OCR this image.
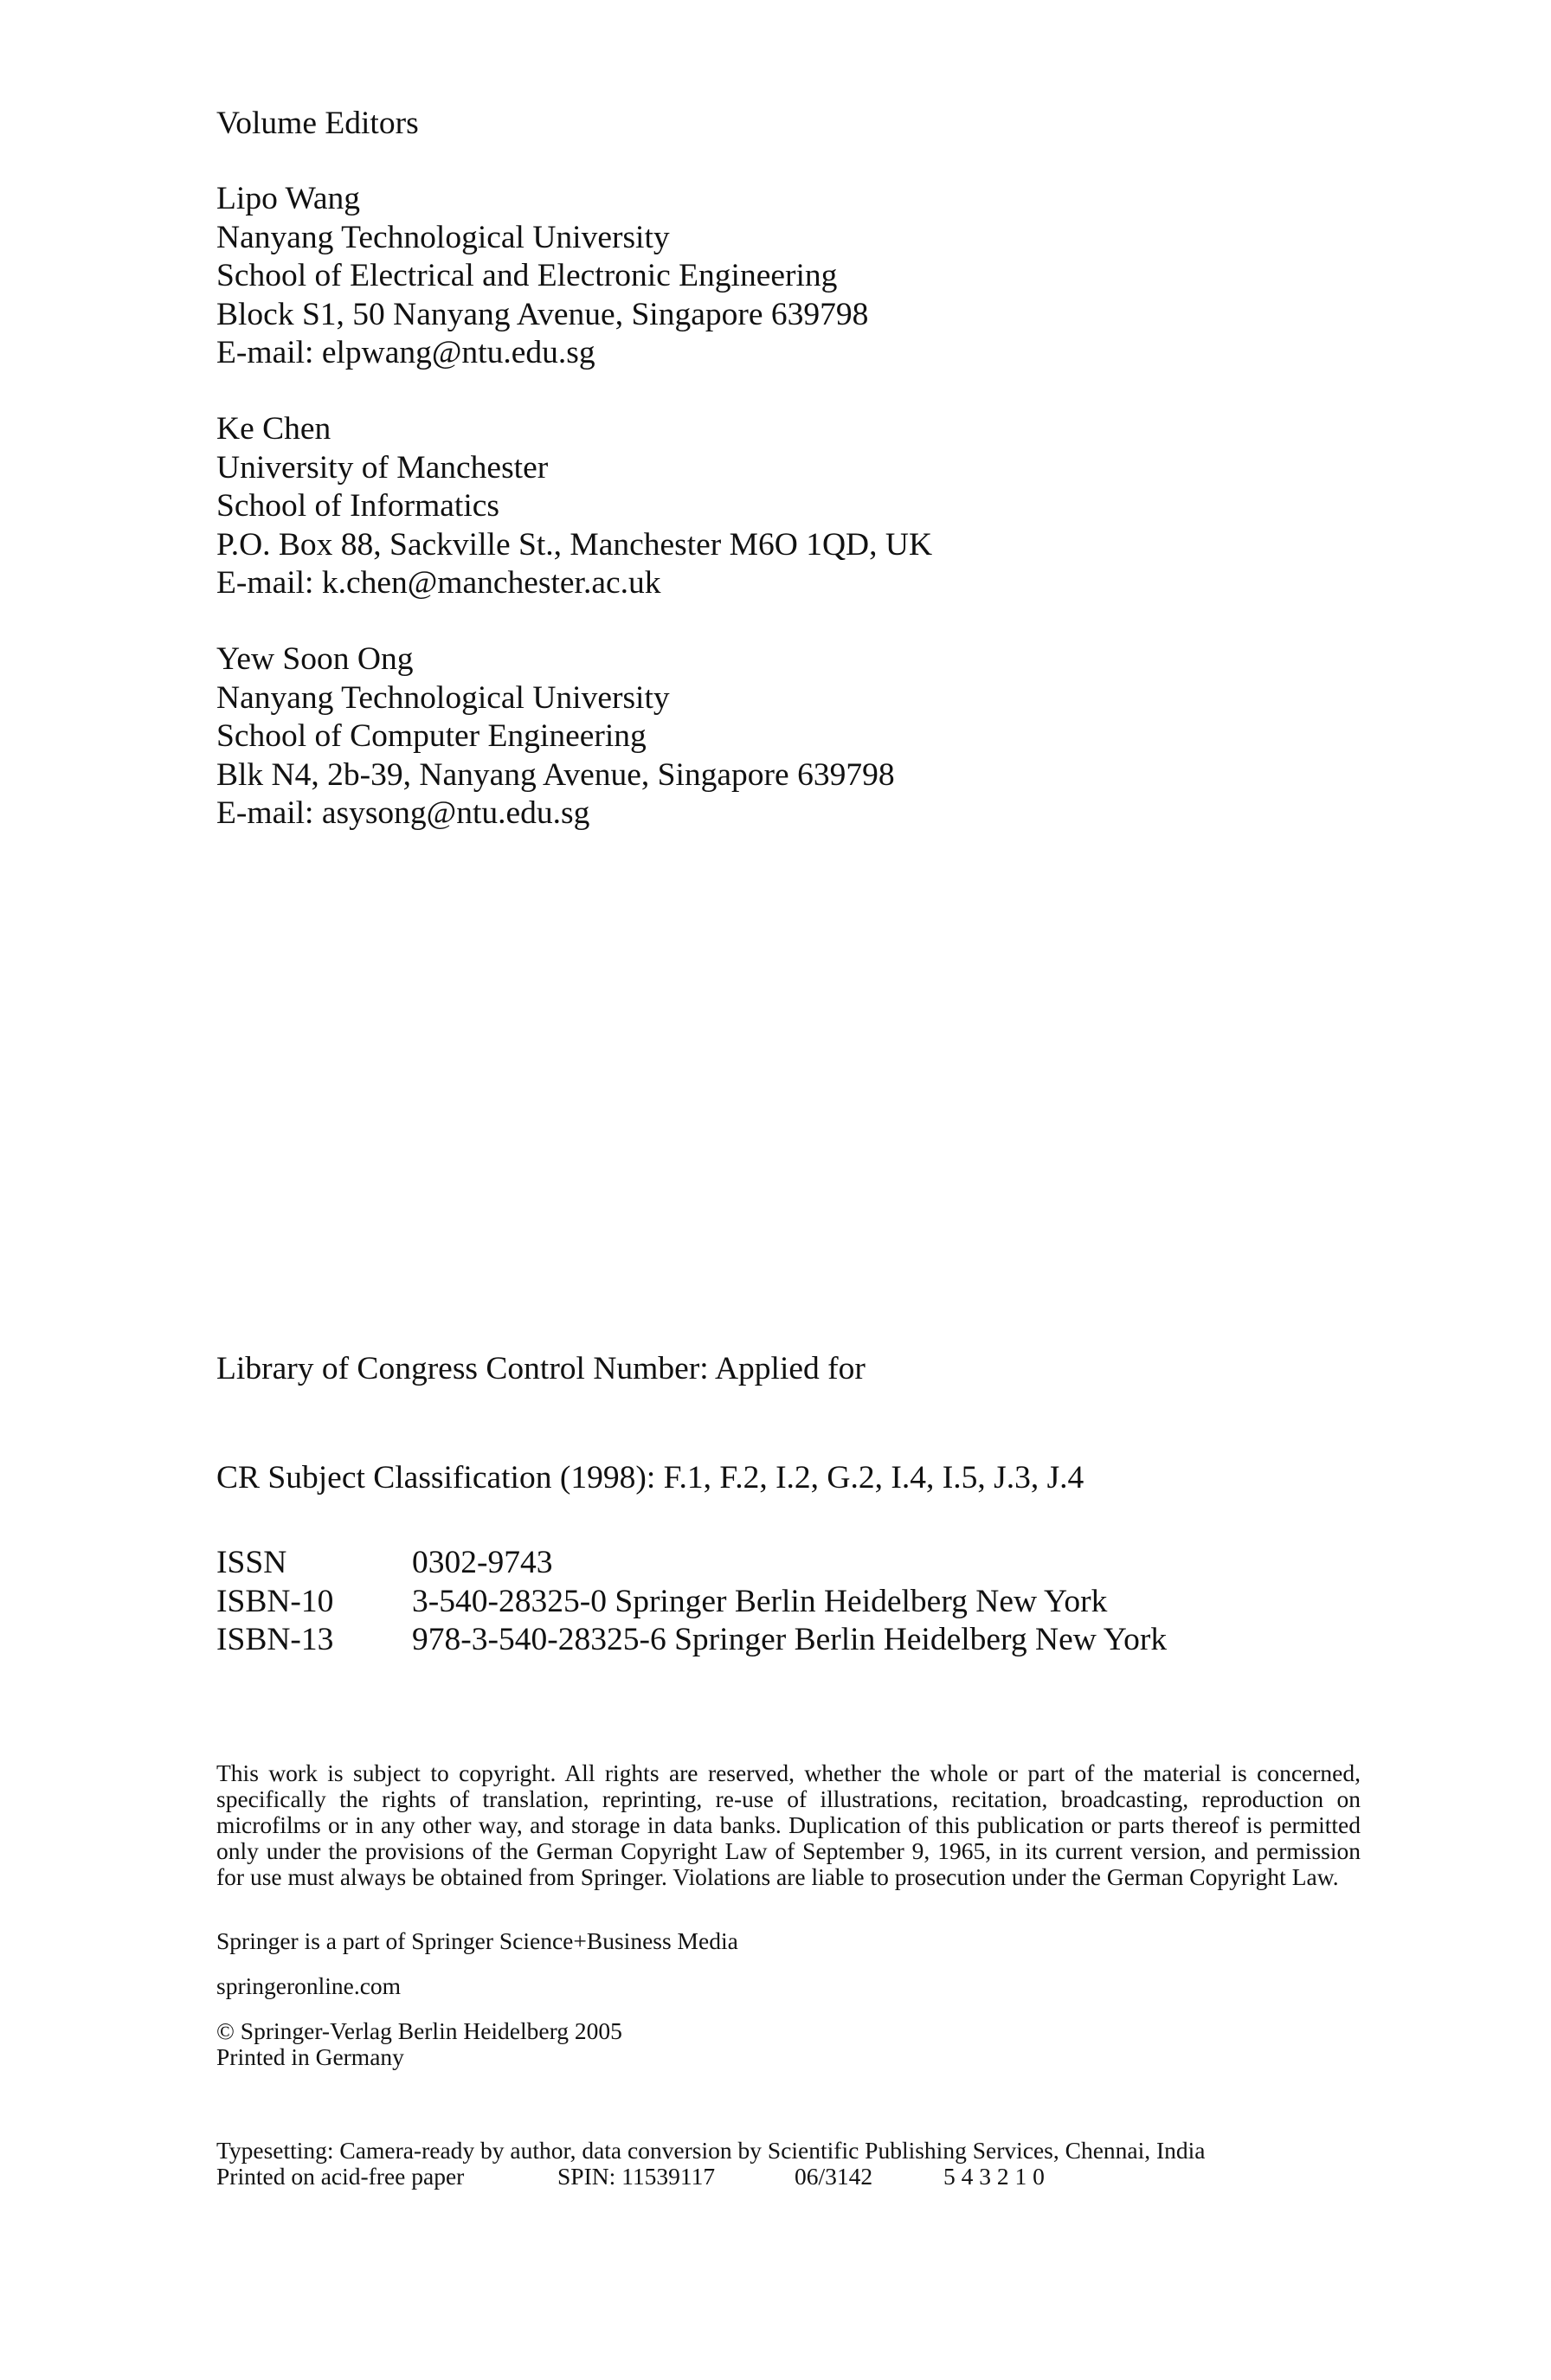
Volume Editors
Lipo Wang
Nanyang Technological University
School of Electrical and Electronic Engineering
Block S1, 50 Nanyang Avenue, Singapore 639798
E-mail: elpwang@ntu.edu.sg
Ke Chen
University of Manchester
School of Informatics
P.O. Box 88, Sackville St., Manchester M6O 1QD, UK
E-mail: k.chen@manchester.ac.uk
Yew Soon Ong
Nanyang Technological University
School of Computer Engineering
Blk N4, 2b-39, Nanyang Avenue, Singapore 639798
E-mail: asysong@ntu.edu.sg
Library of Congress Control Number: Applied for
CR Subject Classification (1998): F.1, F.2, I.2, G.2, I.4, I.5, J.3, J.4
ISSN	0302-9743
ISBN-10	3-540-28325-0 Springer Berlin Heidelberg New York
ISBN-13	978-3-540-28325-6 Springer Berlin Heidelberg New York

This work is subject to copyright. All rights are reserved, whether the whole or part of the material is concerned, specifically the rights of translation, reprinting, re-use of illustrations, recitation, broadcasting, reproduction on microfilms or in any other way, and storage in data banks. Duplication of this publication or parts thereof is permitted only under the provisions of the German Copyright Law of September 9, 1965, in its current version, and permission for use must always be obtained from Springer. Violations are liable to prosecution under the German Copyright Law.

Springer is a part of Springer Science+Business Media
springeronline.com
© Springer-Verlag Berlin Heidelberg 2005
Printed in Germany
Typesetting: Camera-ready by author, data conversion by Scientific Publishing Services, Chennai, India
Printed on acid-free paper	SPIN: 11539117	06/3142	5 4 3 2 1 0
